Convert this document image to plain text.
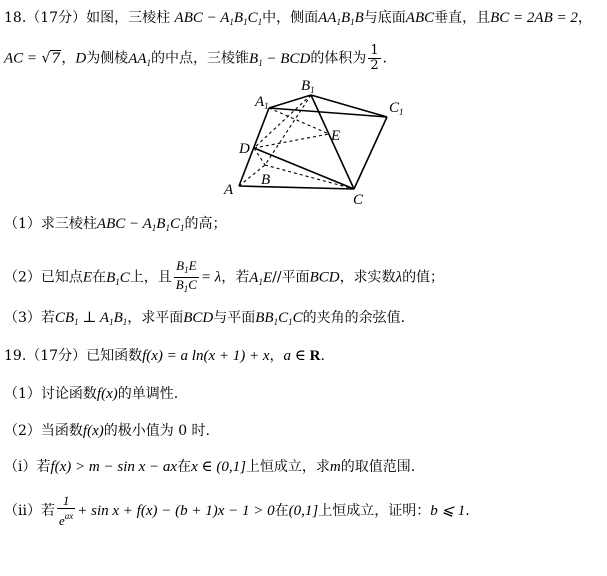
18.（17分）如图，三棱柱 ABC − $A_1B_1C_1$中，侧面$AA_1B_1B$与底面ABC垂直，且BC = 2AB = 2，
AC = √7，D为侧棱$AA_1$的中点，三棱锥$B_1$ − BCD的体积为 $\frac{1}{2}$ .
$A_1$
$B_1$
$C_1$
D
E
A
B
C
（1）求三棱柱ABC − $A_1B_1C_1$的高；
（2）已知点E在$B_1C$上，且 $\frac{B_1E}{B_1C} = \lambda$，若$A_1E//$平面BCD，求实数λ的值；
（3）若$CB_1$ ⊥ $A_1B_1$，求平面BCD与平面$BB_1C_1C$的夹角的余弦值.
19.（17分）已知函数f(x) = a ln(x + 1) + x，a ∈ R.
（1）讨论函数f(x)的单调性.
（2）当函数f(x)的极小值为 0 时.
（i）若f(x) > m − sin x − ax在x ∈ (0,1]上恒成立，求m的取值范围.
（ii）若 $\frac{1}{e^{ax}} + \sin x + f(x) - (b + 1)x - 1 > 0$在(0,1]上恒成立，证明：b ⩽ 1.
